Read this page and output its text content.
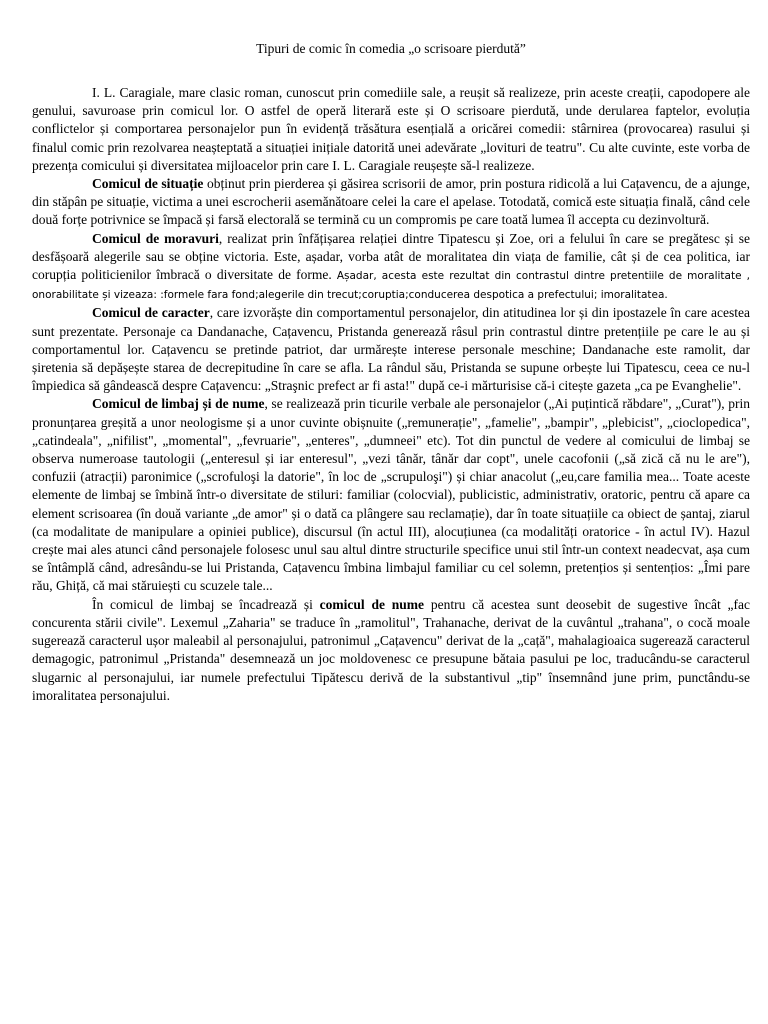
Tipuri de comic în comedia „o scrisoare pierdută”

I. L. Caragiale, mare clasic roman, cunoscut prin comediile sale, a reușit să realizeze, prin aceste creații, capodopere ale genului, savuroase prin comicul lor. O astfel de operă literară este și O scrisoare pierdută, unde derularea faptelor, evoluția conflictelor și comportarea personajelor pun în evidență trăsătura esențială a oricărei comedii: stârnirea (provocarea) rasului și finalul comic prin rezolvarea neașteptată a situației inițiale datorită unei adevărate „lovituri de teatru". Cu alte cuvinte, este vorba de prezența comicului și diversitatea mijloacelor prin care I. L. Caragiale reușește să-l realizeze.

Comicul de situație obținut prin pierderea și găsirea scrisorii de amor, prin postura ridicolă a lui Cațavencu, de a ajunge, din stăpân pe situație, victima a unei escrocherii asemănătoare celei la care el apelase. Totodată, comică este situația finală, când cele două forțe potrivnice se împacă și farsă electorală se termină cu un compromis pe care toată lumea îl accepta cu dezinvoltură.

Comicul de moravuri, realizat prin înfățișarea relației dintre Tipatescu și Zoe, ori a felului în care se pregătesc și se desfășoară alegerile sau se obține victoria. Este, așadar, vorba atât de moralitatea din viața de familie, cât și de cea politica, iar corupția politicienilor îmbracă o diversitate de forme. Așadar, acesta este rezultat din contrastul dintre pretentiile de moralitate , onorabilitate și vizeaza: :formele fara fond;alegerile din trecut;coruptia;conducerea despotica a prefectului; imoralitatea.

Comicul de caracter, care izvorăște din comportamentul personajelor, din atitudinea lor și din ipostazele în care acestea sunt prezentate. Personaje ca Dandanache, Cațavencu, Pristanda generează râsul prin contrastul dintre pretențiile pe care le au și comportamentul lor. Cațavencu se pretinde patriot, dar urmărește interese personale meschine; Dandanache este ramolit, dar șiretenia să depășește starea de decrepitudine în care se afla. La rândul său, Pristanda se supune orbește lui Tipatescu, ceea ce nu-l împiedica să gândească despre Cațavencu: „Straşnic prefect ar fi asta!" după ce-i mărturisise că-i citește gazeta „ca pe Evanghelie".

Comicul de limbaj și de nume, se realizează prin ticurile verbale ale personajelor („Ai puțintică răbdare", „Curat"), prin pronunțarea greșită a unor neologisme și a unor cuvinte obișnuite („remunerație", „famelie", „bampir", „plebicist", „cioclopedica", „catindeala", „nifilist", „momental", „fevruarie", „enteres", „dumneei" etc). Tot din punctul de vedere al comicului de limbaj se observa numeroase tautologii („enteresul și iar enteresul", „vezi tânăr, tânăr dar copt", unele cacofonii („să zică că nu le are"), confuzii (atracții) paronimice („scrofuloşi la datorie", în loc de „scrupuloşi") și chiar anacolut („eu,care familia mea... Toate aceste elemente de limbaj se îmbină într-o diversitate de stiluri: familiar (colocvial), publicistic, administrativ, oratoric, pentru că apare ca element scrisoarea (în două variante „de amor" și o dată ca plângere sau reclamație), dar în toate situațiile ca obiect de șantaj, ziarul (ca modalitate de manipulare a opiniei publice), discursul (în actul III), alocuțiunea (ca modalități oratorice - în actul IV). Hazul crește mai ales atunci când personajele folosesc unul sau altul dintre structurile specifice unui stil într-un context neadecvat, așa cum se întâmplă când, adresându-se lui Pristanda, Cațavencu îmbina limbajul familiar cu cel solemn, pretențios și sentențios: „Îmi pare rău, Ghiță, că mai stăruiești cu scuzele tale...

În comicul de limbaj se încadrează și comicul de nume pentru că acestea sunt deosebit de sugestive încât „fac concurenta stării civile". Lexemul „Zaharia" se traduce în „ramolitul", Trahanache, derivat de la cuvântul „trahana", o cocă moale sugerează caracterul ușor maleabil al personajului, patronimul „Cațavencu" derivat de la „cață", mahalagioaica sugerează caracterul demagogic, patronimul „Pristanda" desemnează un joc moldovenesc ce presupune bătaia pasului pe loc, traducându-se caracterul slugarnic al personajului, iar numele prefectului Tipătescu derivă de la substantivul „tip" însemnând june prim, punctându-se imoralitatea personajului.
